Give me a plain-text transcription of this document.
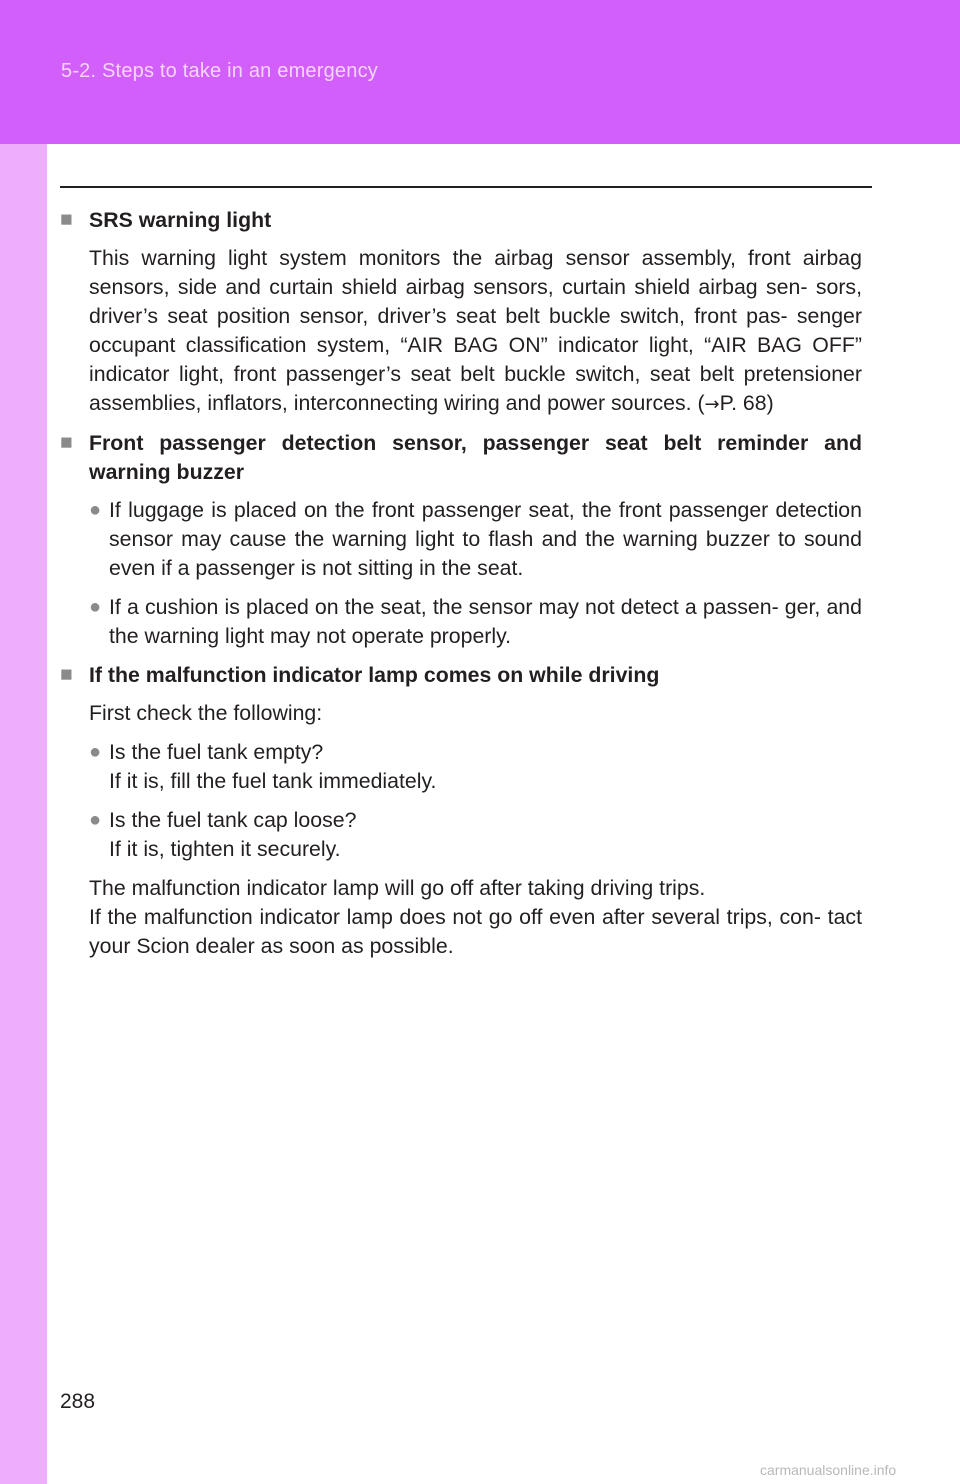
5-2. Steps to take in an emergency
■
SRS warning light
This warning light system monitors the airbag sensor assembly, front airbag sensors, side and curtain shield airbag sensors, curtain shield airbag sen- sors, driver’s seat position sensor, driver’s seat belt buckle switch, front pas- senger occupant classification system, “AIR BAG ON” indicator light, “AIR BAG OFF” indicator light, front passenger’s seat belt buckle switch, seat belt pretensioner assemblies, inflators, interconnecting wiring and power sources. (→P. 68)
■
Front passenger detection sensor, passenger seat belt reminder and warning buzzer
●
If luggage is placed on the front passenger seat, the front passenger detection sensor may cause the warning light to flash and the warning buzzer to sound even if a passenger is not sitting in the seat.
●
If a cushion is placed on the seat, the sensor may not detect a passen- ger, and the warning light may not operate properly.
■
If the malfunction indicator lamp comes on while driving
First check the following:
●
Is the fuel tank empty?
If it is, fill the fuel tank immediately.
●
Is the fuel tank cap loose?
If it is, tighten it securely.
The malfunction indicator lamp will go off after taking driving trips.
If the malfunction indicator lamp does not go off even after several trips, con- tact your Scion dealer as soon as possible.
288
carmanualsonline.info
